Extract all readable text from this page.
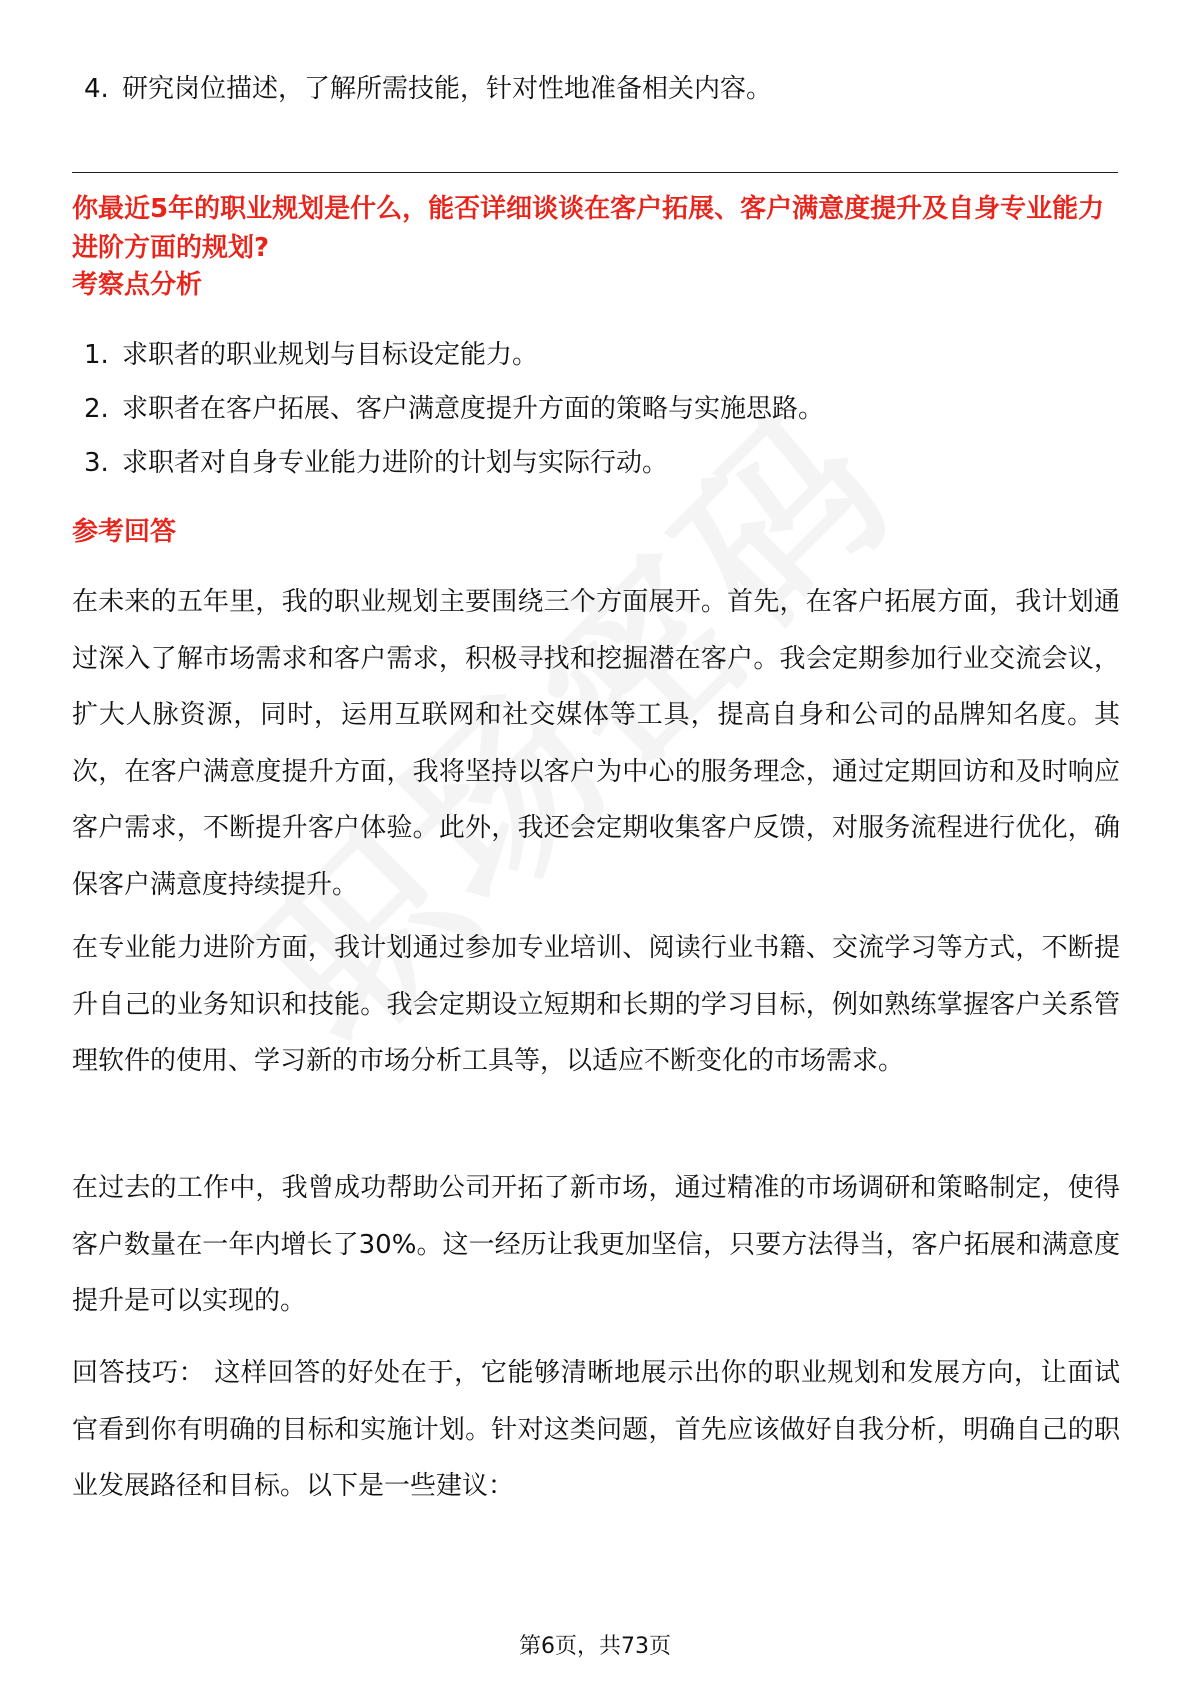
4. 研究岗位描述，了解所需技能，针对性地准备相关内容。
你最近5年的职业规划是什么，能否详细谈谈在客户拓展、客户满意度提升及自身专业能力进阶方面的规划?
考察点分析
1. 求职者的职业规划与目标设定能力。
2. 求职者在客户拓展、客户满意度提升方面的策略与实施思路。
3. 求职者对自身专业能力进阶的计划与实际行动。
参考回答
在未来的五年里，我的职业规划主要围绕三个方面展开。首先，在客户拓展方面，我计划通过深入了解市场需求和客户需求，积极寻找和挖掘潜在客户。我会定期参加行业交流会议，扩大人脉资源，同时，运用互联网和社交媒体等工具，提高自身和公司的品牌知名度。其次，在客户满意度提升方面，我将坚持以客户为中心的服务理念，通过定期回访和及时响应客户需求，不断提升客户体验。此外，我还会定期收集客户反馈，对服务流程进行优化，确保客户满意度持续提升。
在专业能力进阶方面，我计划通过参加专业培训、阅读行业书籍、交流学习等方式，不断提升自己的业务知识和技能。我会定期设立短期和长期的学习目标，例如熟练掌握客户关系管理软件的使用、学习新的市场分析工具等，以适应不断变化的市场需求。
在过去的工作中，我曾成功帮助公司开拓了新市场，通过精准的市场调研和策略制定，使得客户数量在一年内增长了30%。这一经历让我更加坚信，只要方法得当，客户拓展和满意度提升是可以实现的。
回答技巧： 这样回答的好处在于，它能够清晰地展示出你的职业规划和发展方向，让面试官看到你有明确的目标和实施计划。针对这类问题，首先应该做好自我分析，明确自己的职业发展路径和目标。以下是一些建议：
第6页，共73页
